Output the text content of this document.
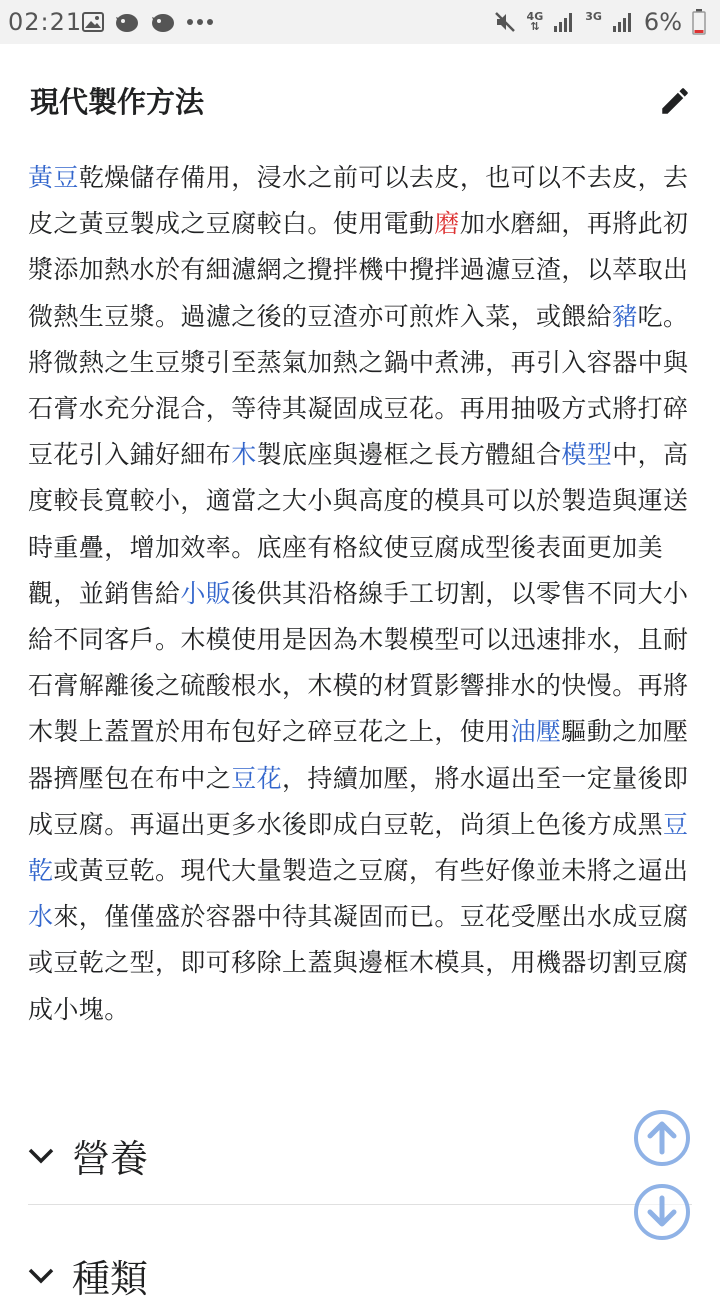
02:21	4G
⇅
3G
6%
現代製作方法

黃豆乾燥儲存備用，浸水之前可以去皮，也可以不去皮，去皮之黃豆製成之豆腐較白。使用電動磨加水磨細，再將此初漿添加熱水於有細濾網之攪拌機中攪拌過濾豆渣，以萃取出微熱生豆漿。過濾之後的豆渣亦可煎炸入菜，或餵給豬吃。將微熱之生豆漿引至蒸氣加熱之鍋中煮沸，再引入容器中與石膏水充分混合，等待其凝固成豆花。再用抽吸方式將打碎豆花引入鋪好細布木製底座與邊框之長方體組合模型中，高度較長寬較小，適當之大小與高度的模具可以於製造與運送時重疊，增加效率。底座有格紋使豆腐成型後表面更加美觀，並銷售給小販後供其沿格線手工切割，以零售不同大小給不同客戶。木模使用是因為木製模型可以迅速排水，且耐石膏解離後之硫酸根水，木模的材質影響排水的快慢。再將木製上蓋置於用布包好之碎豆花之上，使用油壓驅動之加壓器擠壓包在布中之豆花，持續加壓，將水逼出至一定量後即成豆腐。再逼出更多水後即成白豆乾，尚須上色後方成黑豆乾或黃豆乾。現代大量製造之豆腐，有些好像並未將之逼出水來，僅僅盛於容器中待其凝固而已。豆花受壓出水成豆腐或豆乾之型，即可移除上蓋與邊框木模具，用機器切割豆腐成小塊。

營養
種類
